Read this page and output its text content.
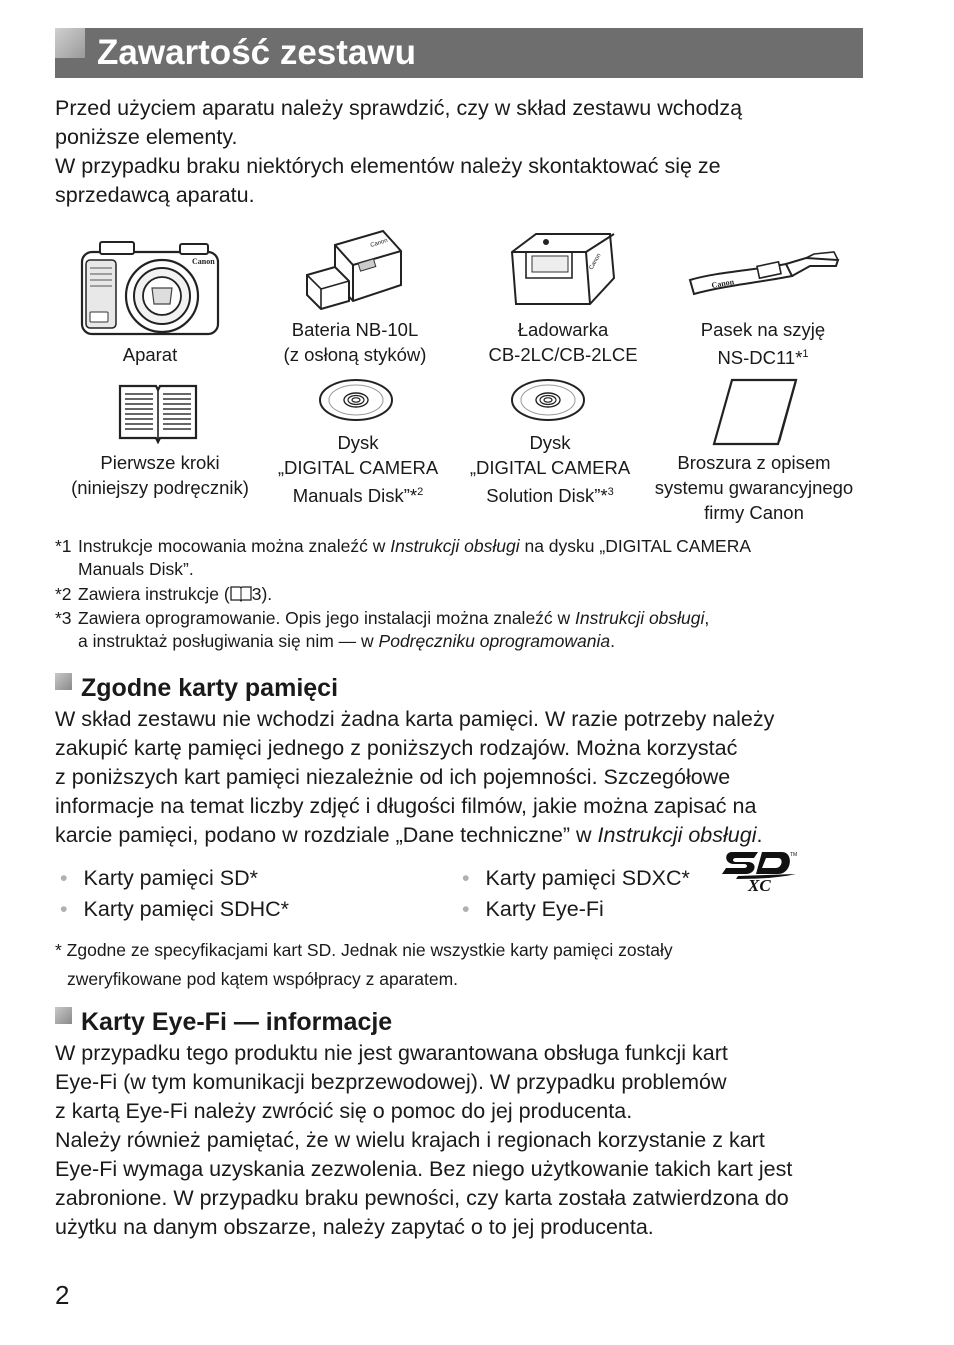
Zawartość zestawu
Przed użyciem aparatu należy sprawdzić, czy w skład zestawu wchodzą
poniższe elementy.
W przypadku braku niektórych elementów należy skontaktować się ze
sprzedawcą aparatu.
Canon
Canon
Canon
Canon
Aparat
Bateria NB-10L
(z osłoną styków)
Ładowarka
CB-2LC/CB-2LCE
Pasek na szyję
NS-DC11*$^1$
Pierwsze kroki
(niniejszy podręcznik)
Dysk
„DIGITAL CAMERA
Manuals Disk”*$^2$
Dysk
„DIGITAL CAMERA
Solution Disk”*$^3$
Broszura z opisem
systemu gwarancyjnego
firmy Canon
*1 Instrukcje mocowania można znaleźć w Instrukcji obsługi na dysku „DIGITAL CAMERA
Manuals Disk”.
*2 Zawiera instrukcje ( 3).
*3 Zawiera oprogramowanie. Opis jego instalacji można znaleźć w Instrukcji obsługi,
a instruktaż posługiwania się nim — w Podręczniku oprogramowania.
Zgodne karty pamięci
W skład zestawu nie wchodzi żadna karta pamięci. W razie potrzeby należy
zakupić kartę pamięci jednego z poniższych rodzajów. Można korzystać
z poniższych kart pamięci niezależnie od ich pojemności. Szczegółowe
informacje na temat liczby zdjęć i długości filmów, jakie można zapisać na
karcie pamięci, podano w rozdziale „Dane techniczne” w Instrukcji obsługi.
• Karty pamięci SD*
• Karty pamięci SDHC*
• Karty pamięci SDXC*
• Karty Eye-Fi
XC
TM
* Zgodne ze specyfikacjami kart SD. Jednak nie wszystkie karty pamięci zostały
zweryfikowane pod kątem współpracy z aparatem.
Karty Eye-Fi — informacje
W przypadku tego produktu nie jest gwarantowana obsługa funkcji kart
Eye-Fi (w tym komunikacji bezprzewodowej). W przypadku problemów
z kartą Eye-Fi należy zwrócić się o pomoc do jej producenta.
Należy również pamiętać, że w wielu krajach i regionach korzystanie z kart
Eye-Fi wymaga uzyskania zezwolenia. Bez niego użytkowanie takich kart jest
zabronione. W przypadku braku pewności, czy karta została zatwierdzona do
użytku na danym obszarze, należy zapytać o to jej producenta.
2
